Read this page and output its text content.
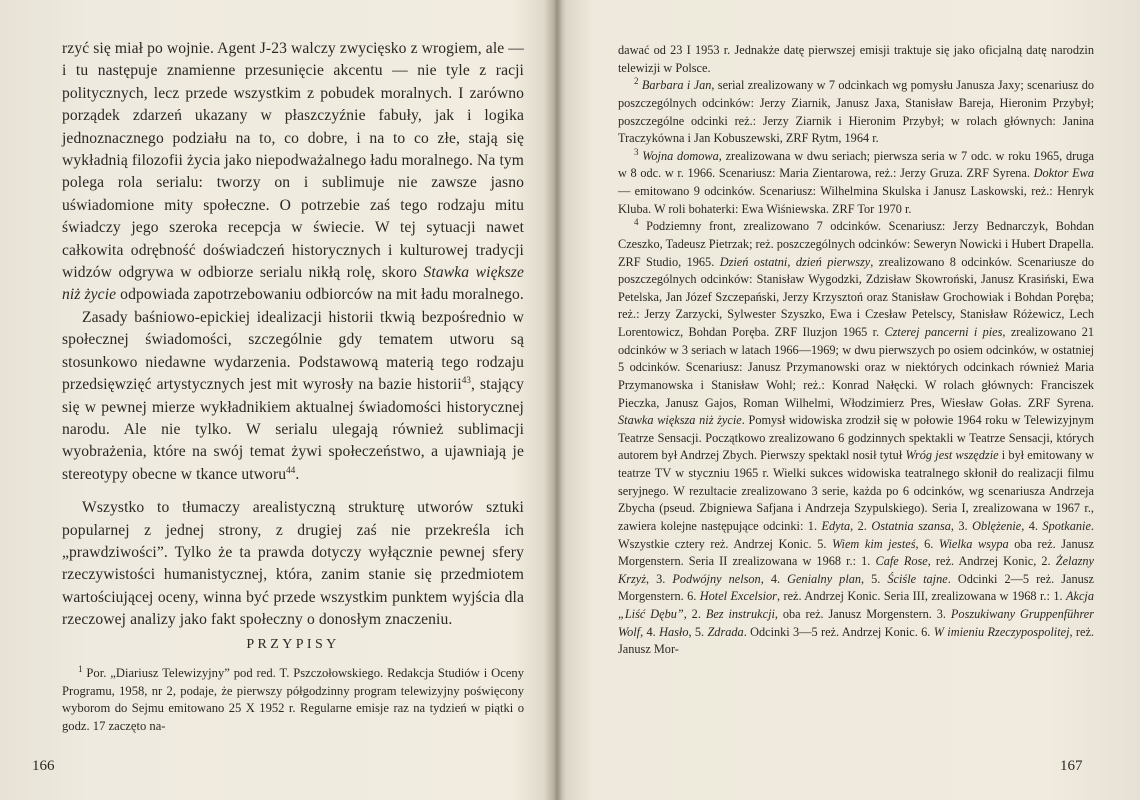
rzyć się miał po wojnie. Agent J-23 walczy zwycięsko z wrogiem, ale — i tu następuje znamienne przesunięcie akcentu — nie tyle z racji politycznych, lecz przede wszystkim z pobudek moralnych. I zarówno porządek zdarzeń ukazany w płaszczyźnie fabuły, jak i logika jednoznacznego podziału na to, co dobre, i na to co złe, stają się wykładnią filozofii życia jako niepodważalnego ładu moralnego. Na tym polega rola serialu: tworzy on i sublimuje nie zawsze jasno uświadomione mity społeczne. O potrzebie zaś tego rodzaju mitu świadczy jego szeroka recepcja w świecie. W tej sytuacji nawet całkowita odrębność doświadczeń historycznych i kulturowej tradycji widzów odgrywa w odbiorze serialu nikłą rolę, skoro Stawka większe niż życie odpowiada zapotrzebowaniu odbiorców na mit ładu moralnego.

Zasady baśniowo-epickiej idealizacji historii tkwią bezpośrednio w społecznej świadomości, szczególnie gdy tematem utworu są stosunkowo niedawne wydarzenia. Podstawową materią tego rodzaju przedsięwzięć artystycznych jest mit wyrosły na bazie historii$^{43}$, stający się w pewnej mierze wykładnikiem aktualnej świadomości historycznej narodu. Ale nie tylko. W serialu ulegają również sublimacji wyobrażenia, które na swój temat żywi społeczeństwo, a ujawniają je stereotypy obecne w tkance utworu$^{44}$.

Wszystko to tłumaczy arealistyczną strukturę utworów sztuki popularnej z jednej strony, z drugiej zaś nie przekreśla ich „prawdziwości”. Tylko że ta prawda dotyczy wyłącznie pewnej sfery rzeczywistości humanistycznej, która, zanim stanie się przedmiotem wartościującej oceny, winna być przede wszystkim punktem wyjścia dla rzeczowej analizy jako fakt społeczny o donosłym znaczeniu.

PRZYPISY

$^1$ Por. „Diariusz Telewizyjny” pod red. T. Pszczołowskiego. Redakcja Studiów i Oceny Programu, 1958, nr 2, podaje, że pierwszy półgodzinny program telewizyjny poświęcony wyborom do Sejmu emitowano 25 X 1952 r. Regularne emisje raz na tydzień w piątki o godz. 17 zaczęto na-

166

dawać od 23 I 1953 r. Jednakże datę pierwszej emisji traktuje się jako oficjalną datę narodzin telewizji w Polsce.

$^2$ Barbara i Jan, serial zrealizowany w 7 odcinkach wg pomysłu Janusza Jaxy; scenariusz do poszczególnych odcinków: Jerzy Ziarnik, Janusz Jaxa, Stanisław Bareja, Hieronim Przybył; poszczególne odcinki reż.: Jerzy Ziarnik i Hieronim Przybył; w rolach głównych: Janina Traczykówna i Jan Kobuszewski, ZRF Rytm, 1964 r.

$^3$ Wojna domowa, zrealizowana w dwu seriach; pierwsza seria w 7 odc. w roku 1965, druga w 8 odc. w r. 1966. Scenariusz: Maria Zientarowa, reż.: Jerzy Gruza. ZRF Syrena. Doktor Ewa — emitowano 9 odcinków. Scenariusz: Wilhelmina Skulska i Janusz Laskowski, reż.: Henryk Kluba. W roli bohaterki: Ewa Wiśniewska. ZRF Tor 1970 r.

$^4$ Podziemny front, zrealizowano 7 odcinków. Scenariusz: Jerzy Bednarczyk, Bohdan Czeszko, Tadeusz Pietrzak; reż. poszczególnych odcinków: Seweryn Nowicki i Hubert Drapella. ZRF Studio, 1965. Dzień ostatni, dzień pierwszy, zrealizowano 8 odcinków. Scenariusze do poszczególnych odcinków: Stanisław Wygodzki, Zdzisław Skowroński, Janusz Krasiński, Ewa Petelska, Jan Józef Szczepański, Jerzy Krzysztoń oraz Stanisław Grochowiak i Bohdan Poręba; reż.: Jerzy Zarzycki, Sylwester Szyszko, Ewa i Czesław Petelscy, Stanisław Różewicz, Lech Lorentowicz, Bohdan Poręba. ZRF Iluzjon 1965 r. Czterej pancerni i pies, zrealizowano 21 odcinków w 3 seriach w latach 1966—1969; w dwu pierwszych po osiem odcinków, w ostatniej 5 odcinków. Scenariusz: Janusz Przymanowski oraz w niektórych odcinkach również Maria Przymanowska i Stanisław Wohl; reż.: Konrad Nałęcki. W rolach głównych: Franciszek Pieczka, Janusz Gajos, Roman Wilhelmi, Włodzimierz Pres, Wiesław Gołas. ZRF Syrena. Stawka większa niż życie. Pomysł widowiska zrodził się w połowie 1964 roku w Telewizyjnym Teatrze Sensacji. Początkowo zrealizowano 6 godzinnych spektakli w Teatrze Sensacji, których autorem był Andrzej Zbych. Pierwszy spektakl nosił tytuł Wróg jest wszędzie i był emitowany w teatrze TV w styczniu 1965 r. Wielki sukces widowiska teatralnego skłonił do realizacji filmu seryjnego. W rezultacie zrealizowano 3 serie, każda po 6 odcinków, wg scenariusza Andrzeja Zbycha (pseud. Zbigniewa Safjana i Andrzeja Szypulskiego). Seria I, zrealizowana w 1967 r., zawiera kolejne następujące odcinki: 1. Edyta, 2. Ostatnia szansa, 3. Oblężenie, 4. Spotkanie. Wszystkie cztery reż. Andrzej Konic. 5. Wiem kim jesteś, 6. Wielka wsypa oba reż. Janusz Morgenstern. Seria II zrealizowana w 1968 r.: 1. Cafe Rose, reż. Andrzej Konic, 2. Żelazny Krzyż, 3. Podwójny nelson, 4. Genialny plan, 5. Ściśle tajne. Odcinki 2—5 reż. Janusz Morgenstern. 6. Hotel Excelsior, reż. Andrzej Konic. Seria III, zrealizowana w 1968 r.: 1. Akcja „Liść Dębu”, 2. Bez instrukcji, oba reż. Janusz Morgenstern. 3. Poszukiwany Gruppenführer Wolf, 4. Hasło, 5. Zdrada. Odcinki 3—5 reż. Andrzej Konic. 6. W imieniu Rzeczypospolitej, reż. Janusz Mor-

167
